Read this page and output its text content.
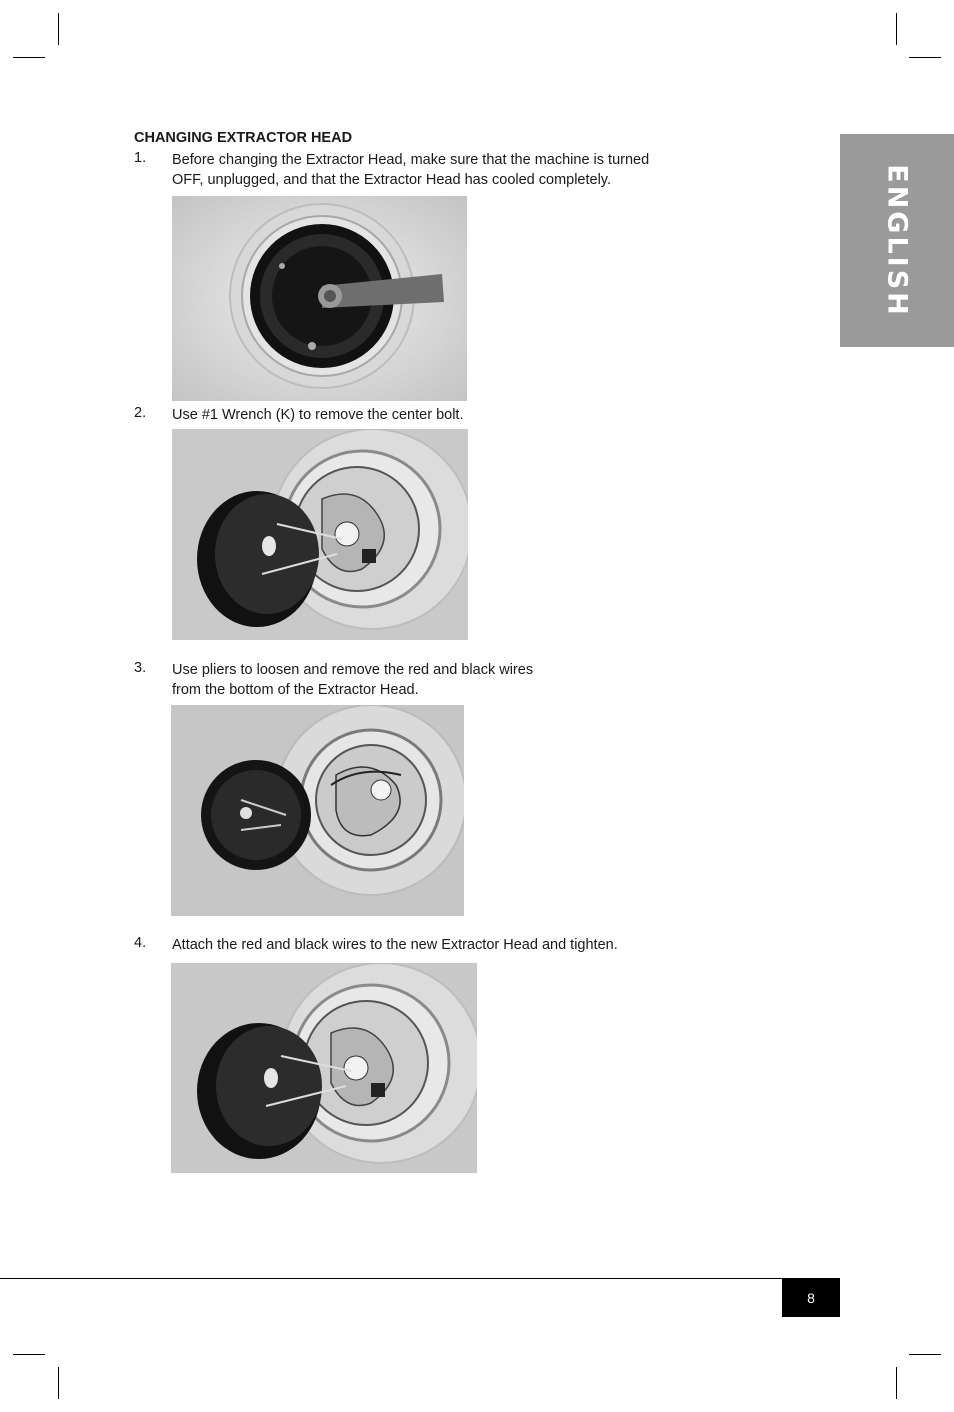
CHANGING EXTRACTOR HEAD
1. Before changing the Extractor Head, make sure that the machine is turned
OFF, unplugged, and that the Extractor Head has cooled completely.
2. Use #1 Wrench (K) to remove the center bolt.
3. Use pliers to loosen and remove the red and black wires
from the bottom of the Extractor Head.
4. Attach the red and black wires to the new Extractor Head and tighten.
ENGLISH
8
